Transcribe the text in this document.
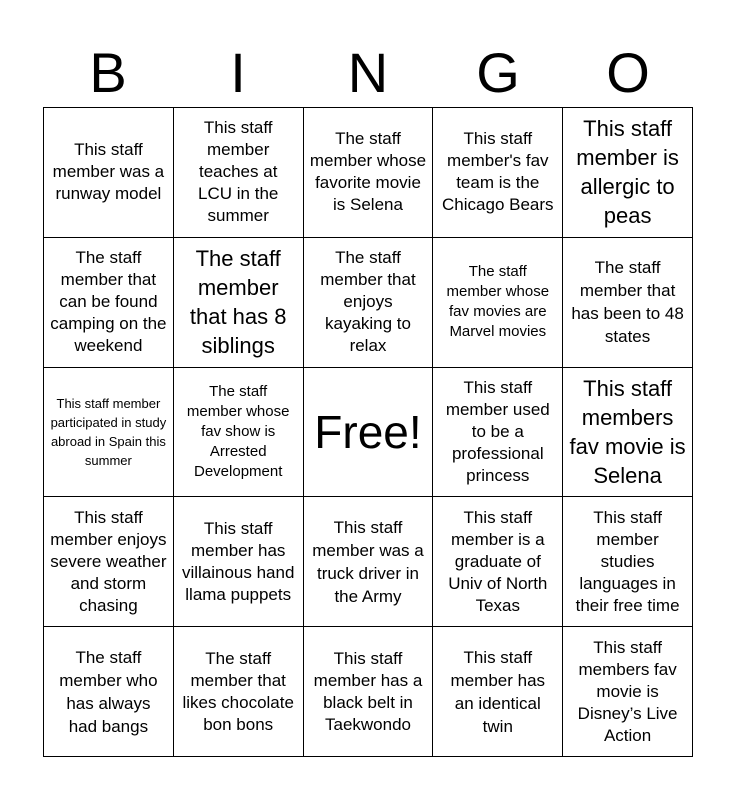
B	I	N	G	O
This staff member was a runway model
This staff member teaches at LCU in the summer
The staff member whose favorite movie is Selena
This staff member's fav team is the Chicago Bears
This staff member is allergic to peas
The staff member that can be found camping on the weekend
The staff member that has 8 siblings
The staff member that enjoys kayaking to relax
The staff member whose fav movies are Marvel movies
The staff member that has been to 48 states
This staff member participated in study abroad in Spain this summer
The staff member whose fav show is Arrested Development
Free!
This staff member used to be a professional princess
This staff members fav movie is Selena
This staff member enjoys severe weather and storm chasing
This staff member has villainous hand llama puppets
This staff member was a truck driver in the Army
This staff member is a graduate of Univ of North Texas
This staff member studies languages in their free time
The staff member who has always had bangs
The staff member that likes chocolate bon bons
This staff member has a black belt in Taekwondo
This staff member has an identical twin
This staff members fav movie is Disney’s Live Action
